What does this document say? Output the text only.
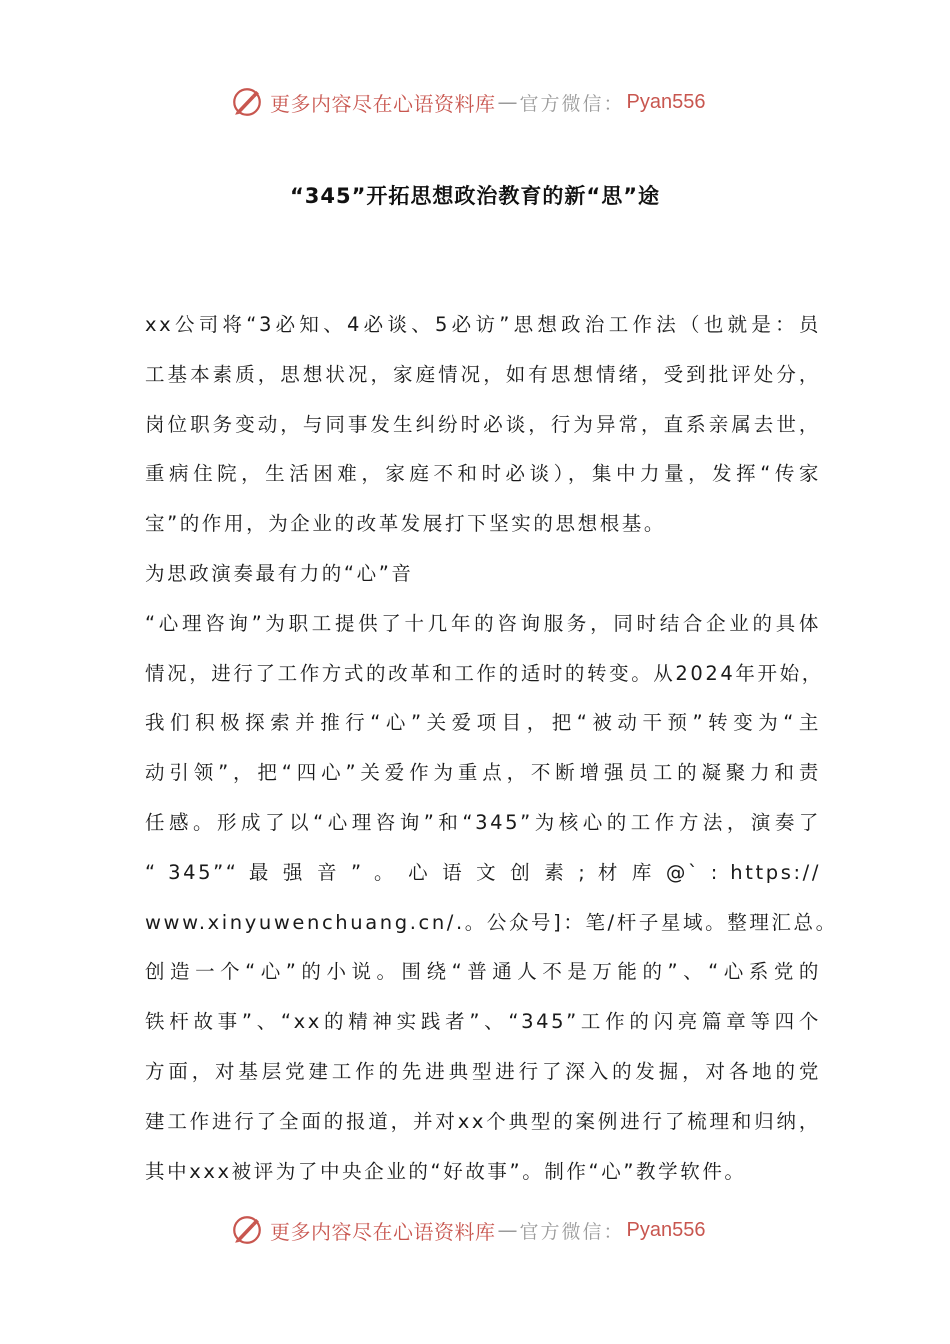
更多内容尽在心语资料库 — 官方微信： Pyan556
“345”开拓思想政治教育的新“思”途
xx公司将“3必知、4必谈、5必访”思想政治工作法（也就是：员
工基本素质，思想状况，家庭情况，如有思想情绪，受到批评处分，
岗位职务变动，与同事发生纠纷时必谈，行为异常，直系亲属去世，
重病住院，生活困难，家庭不和时必谈），集中力量，发挥“传家
宝”的作用，为企业的改革发展打下坚实的思想根基。
为思政演奏最有力的“心”音
“心理咨询”为职工提供了十几年的咨询服务，同时结合企业的具体
情况，进行了工作方式的改革和工作的适时的转变。从2024年开始，
我们积极探索并推行“心”关爱项目，把“被动干预”转变为“主
动引领”，把“四心”关爱作为重点，不断增强员工的凝聚力和责
任感。形成了以“心理咨询”和“345”为核心的工作方法，演奏了
“ 345”“ 最 强 音 ” 。 心 语 文 创 素 ; 材 库 @` : https://
www.xinyuwenchuang.cn/.。公众号]：笔/杆子星域。整理汇总。
创造一个“心”的小说。围绕“普通人不是万能的”、“心系党的
铁杆故事”、“xx的精神实践者”、“345”工作的闪亮篇章等四个
方面，对基层党建工作的先进典型进行了深入的发掘，对各地的党
建工作进行了全面的报道，并对xx个典型的案例进行了梳理和归纳，
其中xxx被评为了中央企业的“好故事”。制作“心”教学软件。
更多内容尽在心语资料库 — 官方微信： Pyan556
